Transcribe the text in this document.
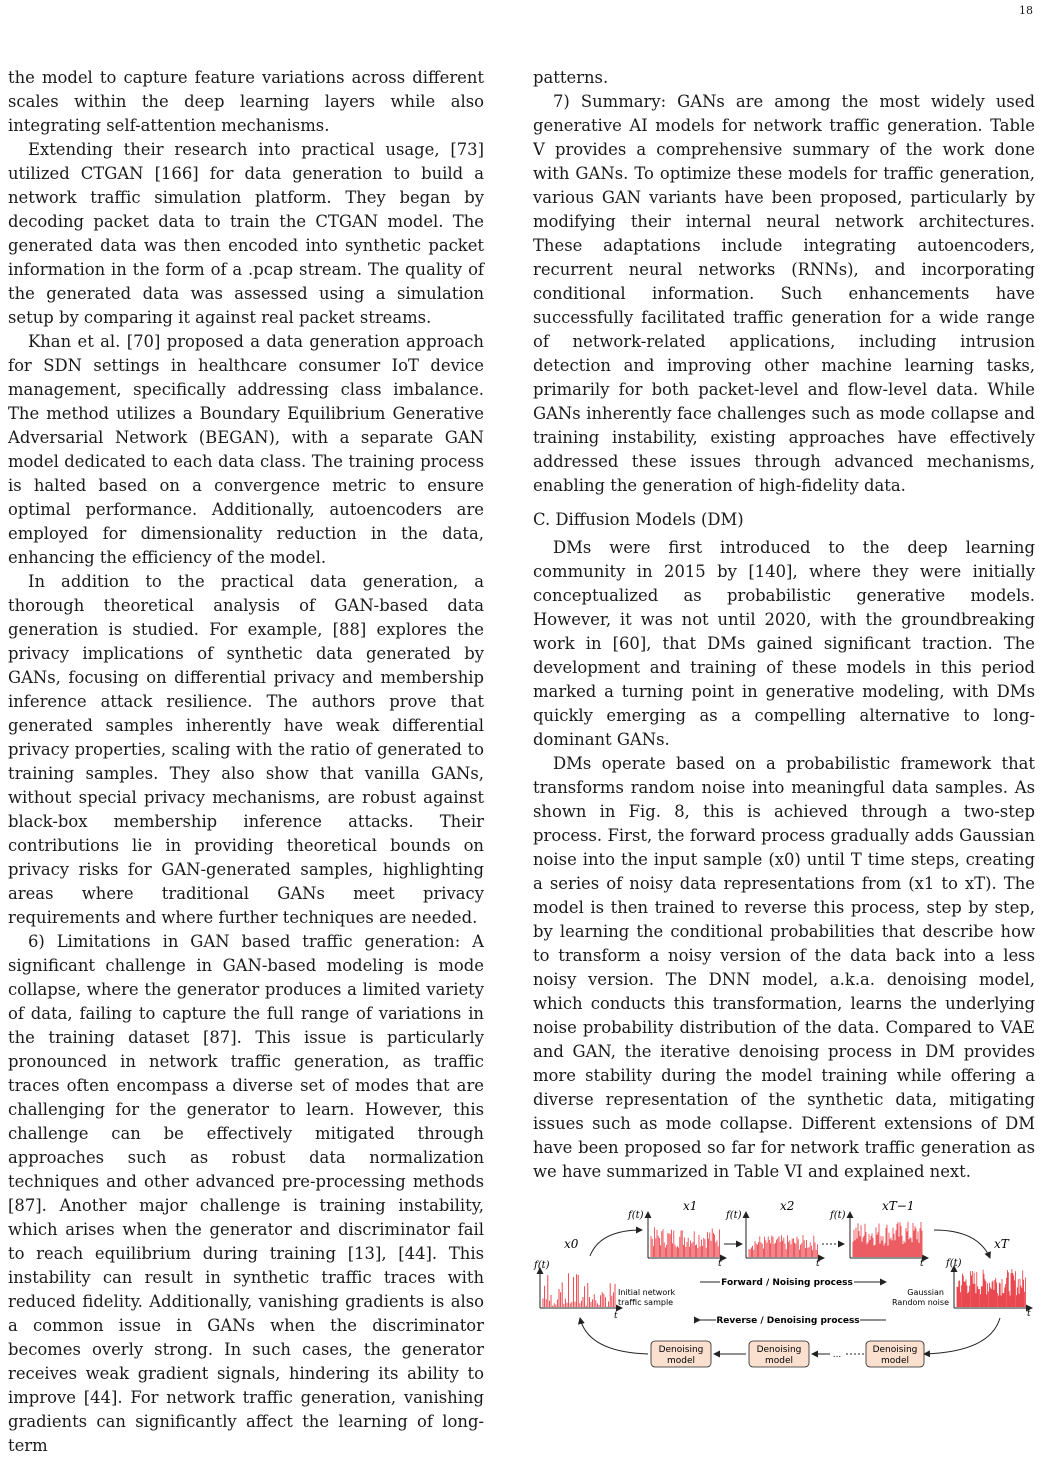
18

the model to capture feature variations across different scales within the deep learning layers while also integrating self-attention mechanisms.

Extending their research into practical usage, [73] utilized CTGAN [166] for data generation to build a network traffic simulation platform. They began by decoding packet data to train the CTGAN model. The generated data was then encoded into synthetic packet information in the form of a .pcap stream. The quality of the generated data was assessed using a simulation setup by comparing it against real packet streams.

Khan et al. [70] proposed a data generation approach for SDN settings in healthcare consumer IoT device management, specifically addressing class imbalance. The method utilizes a Boundary Equilibrium Generative Adversarial Network (BEGAN), with a separate GAN model dedicated to each data class. The training process is halted based on a convergence metric to ensure optimal performance. Additionally, autoencoders are employed for dimensionality reduction in the data, enhancing the efficiency of the model.

In addition to the practical data generation, a thorough theoretical analysis of GAN-based data generation is studied. For example, [88] explores the privacy implications of synthetic data generated by GANs, focusing on differential privacy and membership inference attack resilience. The authors prove that generated samples inherently have weak differential privacy properties, scaling with the ratio of generated to training samples. They also show that vanilla GANs, without special privacy mechanisms, are robust against black-box membership inference attacks. Their contributions lie in providing theoretical bounds on privacy risks for GAN-generated samples, highlighting areas where traditional GANs meet privacy requirements and where further techniques are needed.

6) Limitations in GAN based traffic generation: A significant challenge in GAN-based modeling is mode collapse, where the generator produces a limited variety of data, failing to capture the full range of variations in the training dataset [87]. This issue is particularly pronounced in network traffic generation, as traffic traces often encompass a diverse set of modes that are challenging for the generator to learn. However, this challenge can be effectively mitigated through approaches such as robust data normalization techniques and other advanced pre-processing methods [87]. Another major challenge is training instability, which arises when the generator and discriminator fail to reach equilibrium during training [13], [44]. This instability can result in synthetic traffic traces with reduced fidelity. Additionally, vanishing gradients is also a common issue in GANs when the discriminator becomes overly strong. In such cases, the generator receives weak gradient signals, hindering its ability to improve [44]. For network traffic generation, vanishing gradients can significantly affect the learning of long-term

patterns.

7) Summary: GANs are among the most widely used generative AI models for network traffic generation. Table V provides a comprehensive summary of the work done with GANs. To optimize these models for traffic generation, various GAN variants have been proposed, particularly by modifying their internal neural network architectures. These adaptations include integrating autoencoders, recurrent neural networks (RNNs), and incorporating conditional information. Such enhancements have successfully facilitated traffic generation for a wide range of network-related applications, including intrusion detection and improving other machine learning tasks, primarily for both packet-level and flow-level data. While GANs inherently face challenges such as mode collapse and training instability, existing approaches have effectively addressed these issues through advanced mechanisms, enabling the generation of high-fidelity data.

C. Diffusion Models (DM)

DMs were first introduced to the deep learning community in 2015 by [140], where they were initially conceptualized as probabilistic generative models. However, it was not until 2020, with the groundbreaking work in [60], that DMs gained significant traction. The development and training of these models in this period marked a turning point in generative modeling, with DMs quickly emerging as a compelling alternative to long-dominant GANs.

DMs operate based on a probabilistic framework that transforms random noise into meaningful data samples. As shown in Fig. 8, this is achieved through a two-step process. First, the forward process gradually adds Gaussian noise into the input sample (x0) until T time steps, creating a series of noisy data representations from (x1 to xT). The model is then trained to reverse this process, step by step, by learning the conditional probabilities that describe how to transform a noisy version of the data back into a less noisy version. The DNN model, a.k.a. denoising model, which conducts this transformation, learns the underlying noise probability distribution of the data. Compared to VAE and GAN, the iterative denoising process in DM provides more stability during the model training while offering a diverse representation of the synthetic data, mitigating issues such as mode collapse. Different extensions of DM have been proposed so far for network traffic generation as we have summarized in Table VI and explained next.

f(t)
t
x0
Initial network
traffic sample
f(t)
t
x1
f(t)
t
x2
f(t)
t
xT−1
f(t)
t
xT
Gaussian
Random noise
Forward / Noising process
Reverse / Denoising process
Denoising
model
Denoising
model
...	Denoising
model
